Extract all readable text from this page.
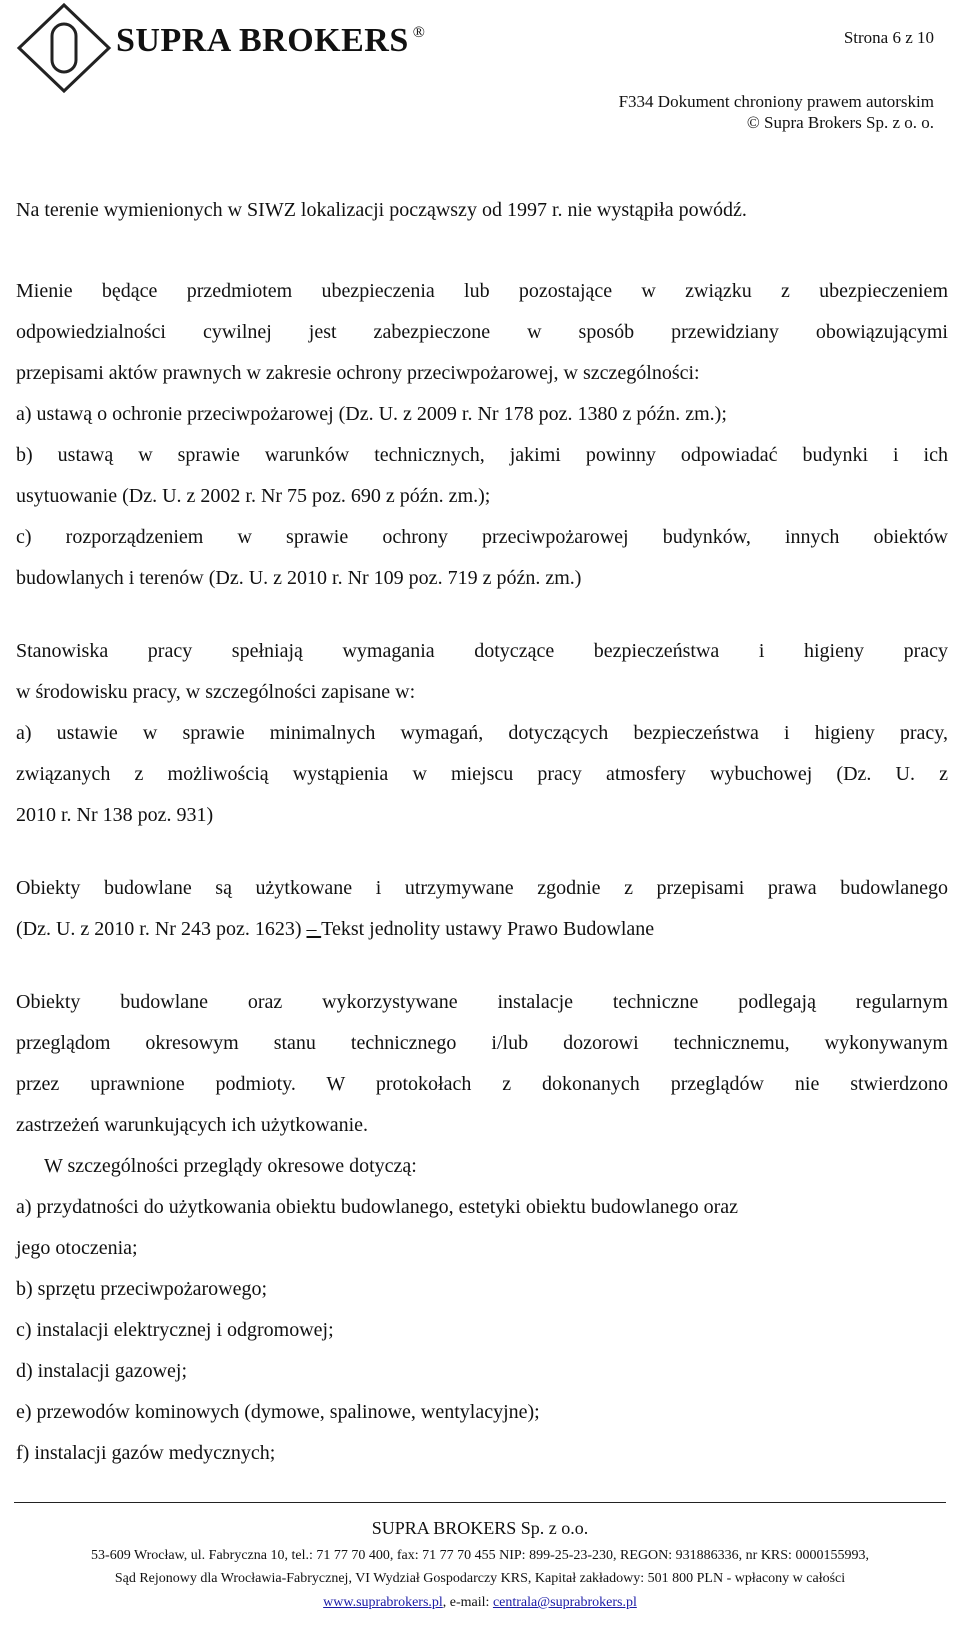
SUPRA BROKERS ®	Strona 6 z 10
F334 Dokument chroniony prawem autorskim
© Supra Brokers Sp. z o. o.

Na terenie wymienionych w SIWZ lokalizacji począwszy od 1997 r. nie wystąpiła powódź.

Mienie będące przedmiotem ubezpieczenia lub pozostające w związku z ubezpieczeniem

odpowiedzialności cywilnej jest zabezpieczone w sposób przewidziany obowiązującymi

przepisami aktów prawnych w zakresie ochrony przeciwpożarowej, w szczególności:

a) ustawą o ochronie przeciwpożarowej (Dz. U. z 2009 r. Nr 178 poz. 1380 z późn. zm.);

b) ustawą w sprawie warunków technicznych, jakimi powinny odpowiadać budynki i ich

usytuowanie (Dz. U. z 2002 r. Nr 75 poz. 690 z późn. zm.);

c) rozporządzeniem w sprawie ochrony przeciwpożarowej budynków, innych obiektów

budowlanych i terenów (Dz. U. z 2010 r. Nr 109 poz. 719 z późn. zm.)

Stanowiska pracy spełniają wymagania dotyczące bezpieczeństwa i higieny pracy

w środowisku pracy, w szczególności zapisane w:

a) ustawie w sprawie minimalnych wymagań, dotyczących bezpieczeństwa i higieny pracy,

związanych z możliwością wystąpienia w miejscu pracy atmosfery wybuchowej (Dz. U. z

2010 r. Nr 138 poz. 931)

Obiekty budowlane są użytkowane i utrzymywane zgodnie z przepisami prawa budowlanego

(Dz. U. z 2010 r. Nr 243 poz. 1623) – Tekst jednolity ustawy Prawo Budowlane

Obiekty budowlane oraz wykorzystywane instalacje techniczne podlegają regularnym

przeglądom okresowym stanu technicznego i/lub dozorowi technicznemu, wykonywanym

przez uprawnione podmioty. W protokołach z dokonanych przeglądów nie stwierdzono

zastrzeżeń warunkujących ich użytkowanie.

W szczególności przeglądy okresowe dotyczą:

a) przydatności do użytkowania obiektu budowlanego, estetyki obiektu budowlanego oraz

jego otoczenia;

b) sprzętu przeciwpożarowego;

c) instalacji elektrycznej i odgromowej;

d) instalacji gazowej;

e) przewodów kominowych (dymowe, spalinowe, wentylacyjne);

f) instalacji gazów medycznych;

SUPRA BROKERS Sp. z o.o.
53-609 Wrocław, ul. Fabryczna 10, tel.: 71 77 70 400, fax: 71 77 70 455 NIP: 899-25-23-230, REGON: 931886336, nr KRS: 0000155993,
Sąd Rejonowy dla Wrocławia-Fabrycznej, VI Wydział Gospodarczy KRS, Kapitał zakładowy: 501 800 PLN - wpłacony w całości
www.suprabrokers.pl, e-mail: centrala@suprabrokers.pl
